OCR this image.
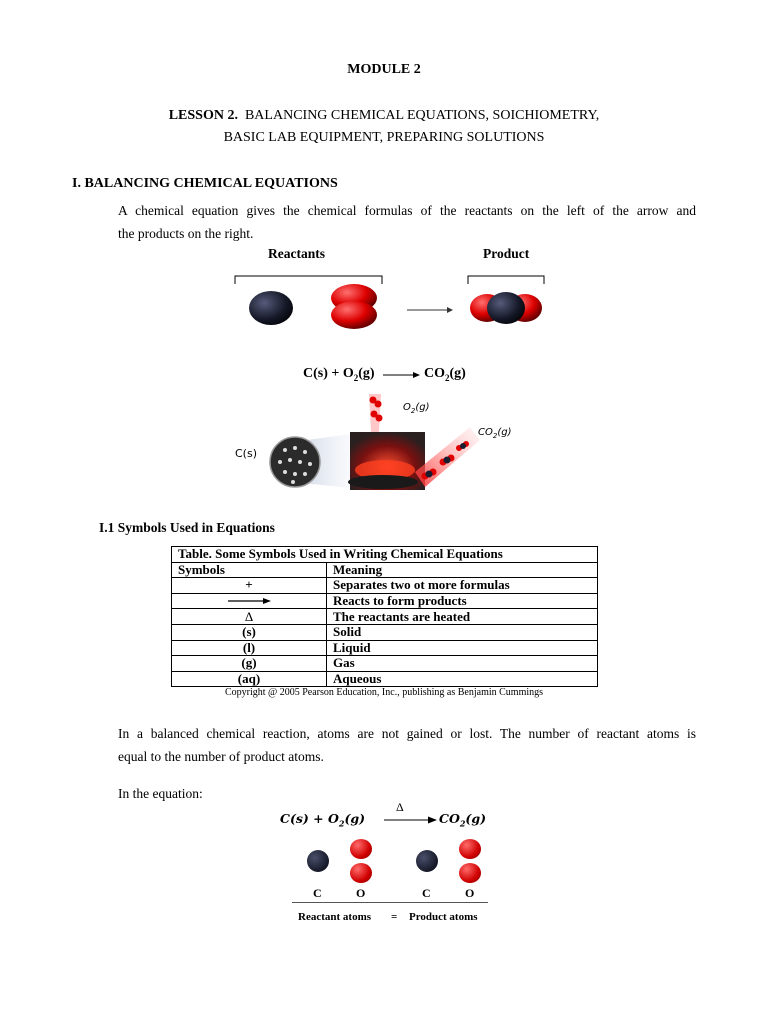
MODULE 2
LESSON 2. BALANCING CHEMICAL EQUATIONS, SOICHIOMETRY,
BASIC LAB EQUIPMENT, PREPARING SOLUTIONS
I. BALANCING CHEMICAL EQUATIONS
A chemical equation gives the chemical formulas of the reactants on the left of the arrow and
the products on the right.
Reactants	Product
$C(s) + O_2(g)$	$CO_2(g)$
$O_2(g)$
$CO_2(g)$
C(s)
I.1 Symbols Used in Equations
Table. Some Symbols Used in Writing Chemical Equations	
Symbols	Meaning
+	Separates two ot more formulas
	Reacts to form products
Δ	The reactants are heated
(s)	Solid
(l)	Liquid
(g)	Gas
(aq)	Aqueous
Copyright @ 2005 Pearson Education, Inc., publishing as Benjamin Cummings
In a balanced chemical reaction, atoms are not gained or lost. The number of reactant atoms is
equal to the number of product atoms.
In the equation:
Δ
$C(s) + O_2(g)$	$CO_2(g)$
C	O	C	O
Reactant atoms = Product atoms
